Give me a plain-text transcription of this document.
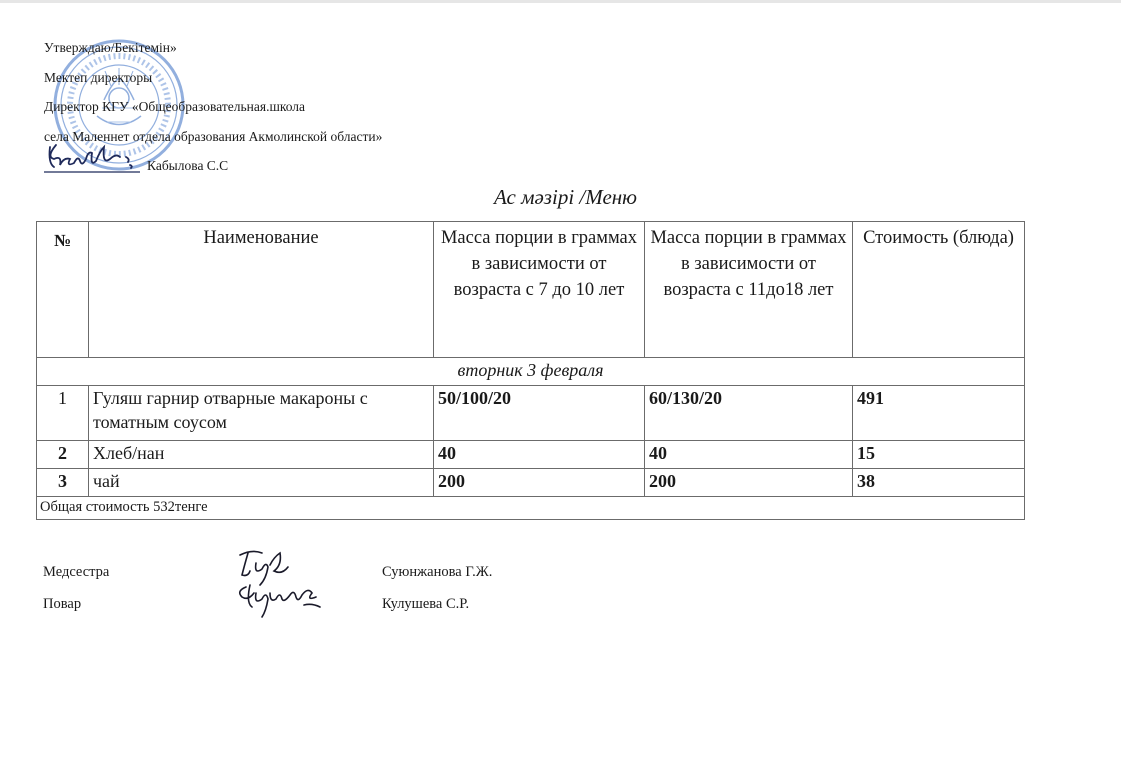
Утверждаю/Бекітемін»
Мектеп директоры
Директор КГУ «Общеобразовательная.школа
села Маленнет отдела образования Акмолинской области»
Кабылова С.С
Ас мәзірі /Меню
№	Наименование	Масса порции в граммах в зависимости от возраста с 7 до 10 лет	Масса порции в граммах в зависимости от возраста с 11до18 лет	Стоимость (блюда)
вторник 3 февраля				
1	Гуляш гарнир отварные макароны с томатным соусом	50/100/20	60/130/20	491
2	Хлеб/нан	40	40	15
3	чай	200	200	38
Общая стоимость 532тенге				
Медсестра	Суюнжанова Г.Ж.
Повар	Кулушева С.Р.
